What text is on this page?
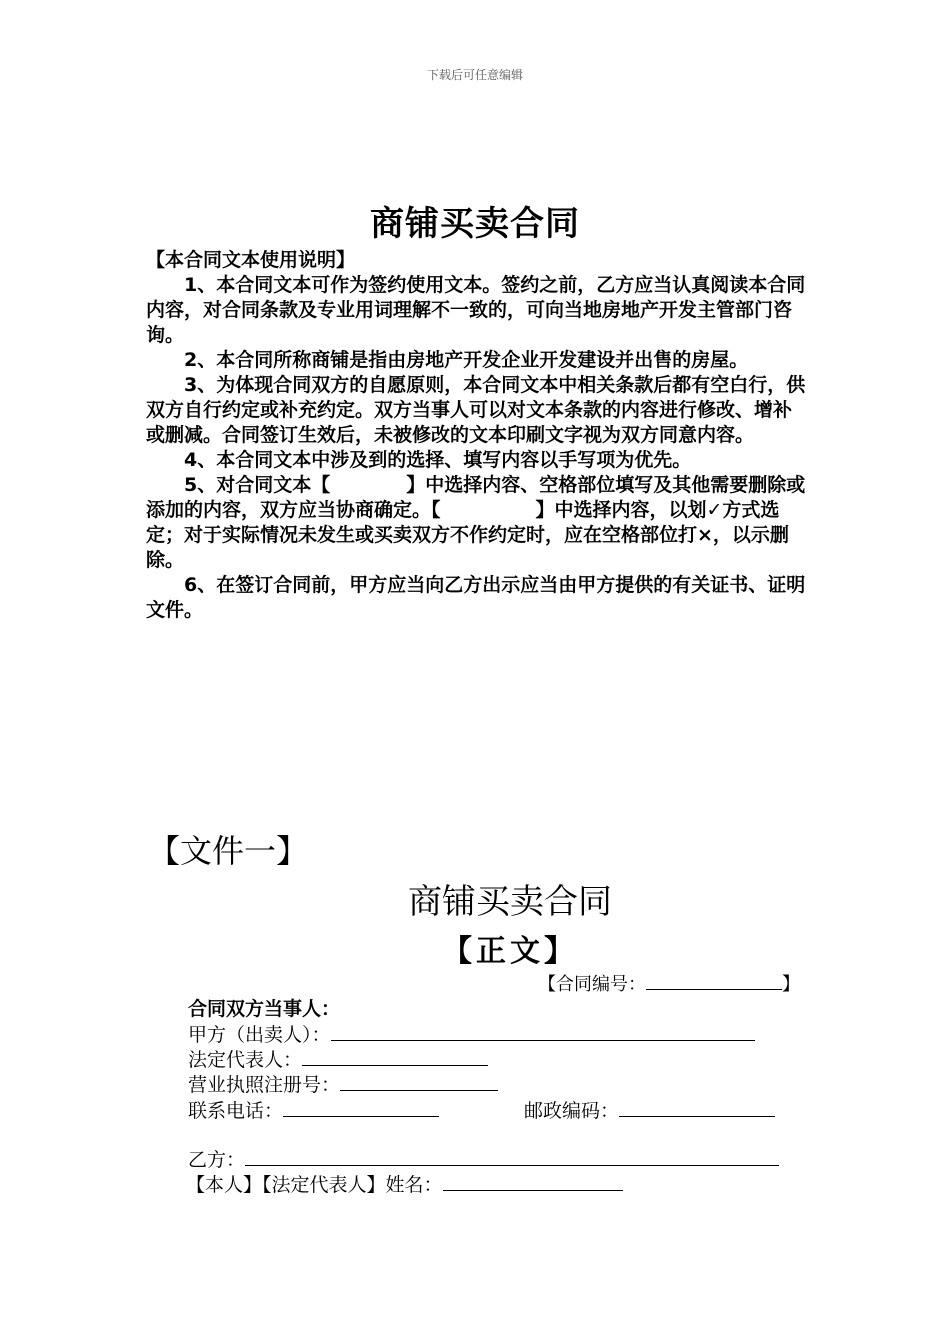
下载后可任意编辑
商铺买卖合同

【本合同文本使用说明】

1、本合同文本可作为签约使用文本。签约之前，乙方应当认真阅读本合同内容，对合同条款及专业用词理解不一致的，可向当地房地产开发主管部门咨询。

2、本合同所称商铺是指由房地产开发企业开发建设并出售的房屋。

3、为体现合同双方的自愿原则，本合同文本中相关条款后都有空白行，供双方自行约定或补充约定。双方当事人可以对文本条款的内容进行修改、增补或删减。合同签订生效后，未被修改的文本印刷文字视为双方同意内容。

4、本合同文本中涉及到的选择、填写内容以手写项为优先。

5、对合同文本【　　　　】中选择内容、空格部位填写及其他需要删除或添加的内容，双方应当协商确定。【　　　　　】中选择内容，以划✓方式选定；对于实际情况未发生或买卖双方不作约定时，应在空格部位打×，以示删除。

6、在签订合同前，甲方应当向乙方出示应当由甲方提供的有关证书、证明文件。

【文件一】
商铺买卖合同
【正文】
【合同编号：	】
合同双方当事人：
甲方（出卖人）：
法定代表人：
营业执照注册号：
联系电话：	邮政编码：
乙方：
【本人】【法定代表人】姓名：
